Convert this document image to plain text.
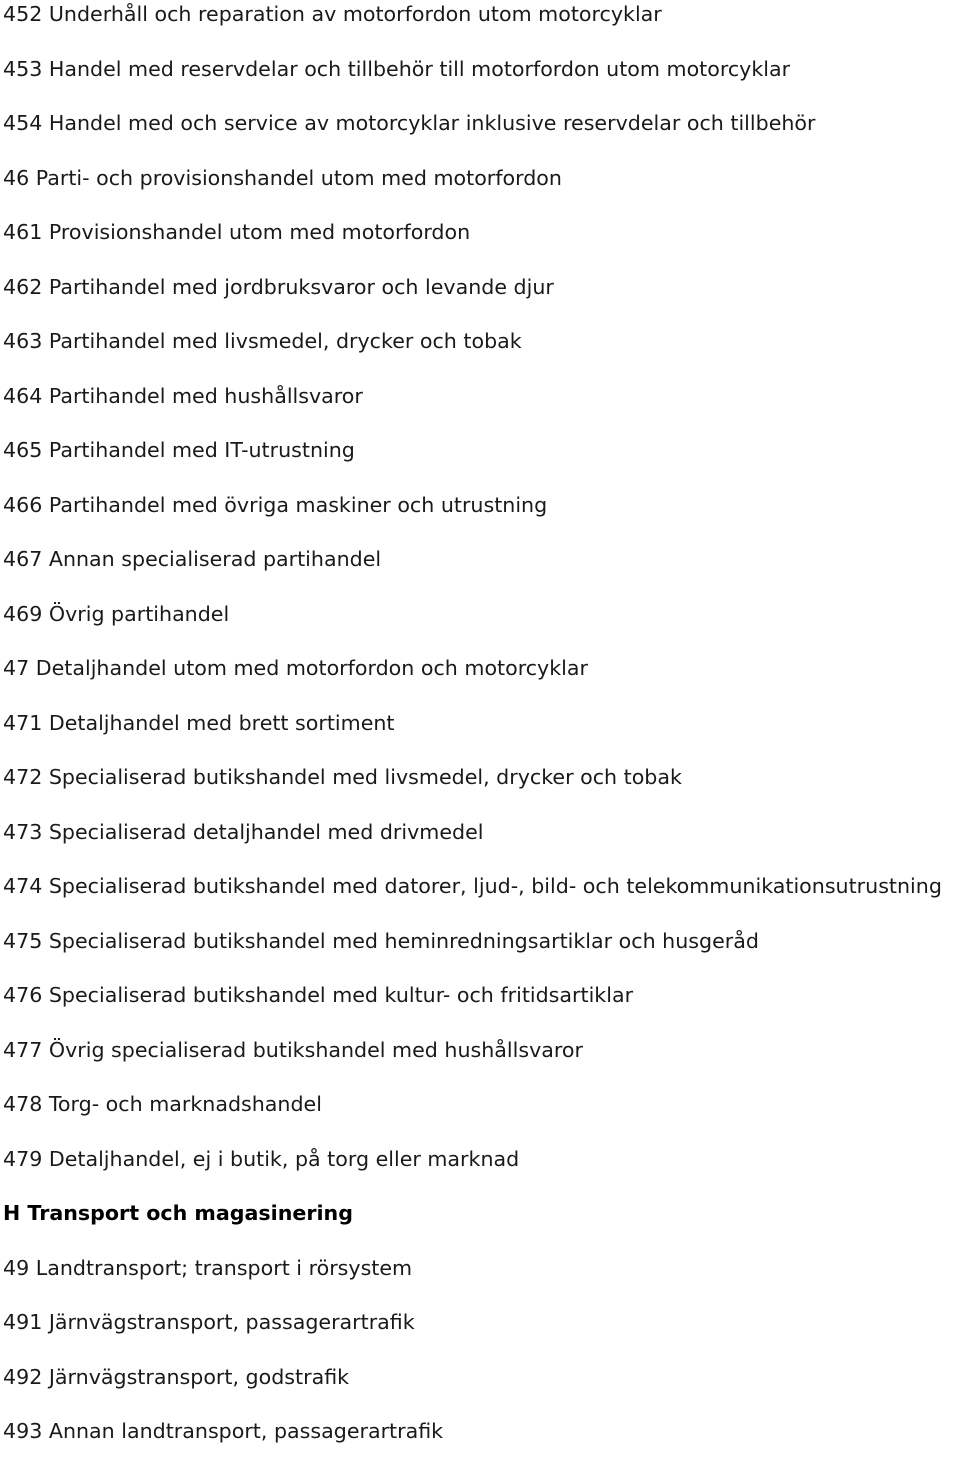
452 Underhåll och reparation av motorfordon utom motorcyklar
453 Handel med reservdelar och tillbehör till motorfordon utom motorcyklar
454 Handel med och service av motorcyklar inklusive reservdelar och tillbehör
46 Parti- och provisionshandel utom med motorfordon
461 Provisionshandel utom med motorfordon
462 Partihandel med jordbruksvaror och levande djur
463 Partihandel med livsmedel, drycker och tobak
464 Partihandel med hushållsvaror
465 Partihandel med IT-utrustning
466 Partihandel med övriga maskiner och utrustning
467 Annan specialiserad partihandel
469 Övrig partihandel
47 Detaljhandel utom med motorfordon och motorcyklar
471 Detaljhandel med brett sortiment
472 Specialiserad butikshandel med livsmedel, drycker och tobak
473 Specialiserad detaljhandel med drivmedel
474 Specialiserad butikshandel med datorer, ljud-, bild- och telekommunikationsutrustning
475 Specialiserad butikshandel med heminredningsartiklar och husgeråd
476 Specialiserad butikshandel med kultur- och fritidsartiklar
477 Övrig specialiserad butikshandel med hushållsvaror
478 Torg- och marknadshandel
479 Detaljhandel, ej i butik, på torg eller marknad
H Transport och magasinering
49 Landtransport; transport i rörsystem
491 Järnvägstransport, passagerartrafik
492 Järnvägstransport, godstrafik
493 Annan landtransport, passagerartrafik
